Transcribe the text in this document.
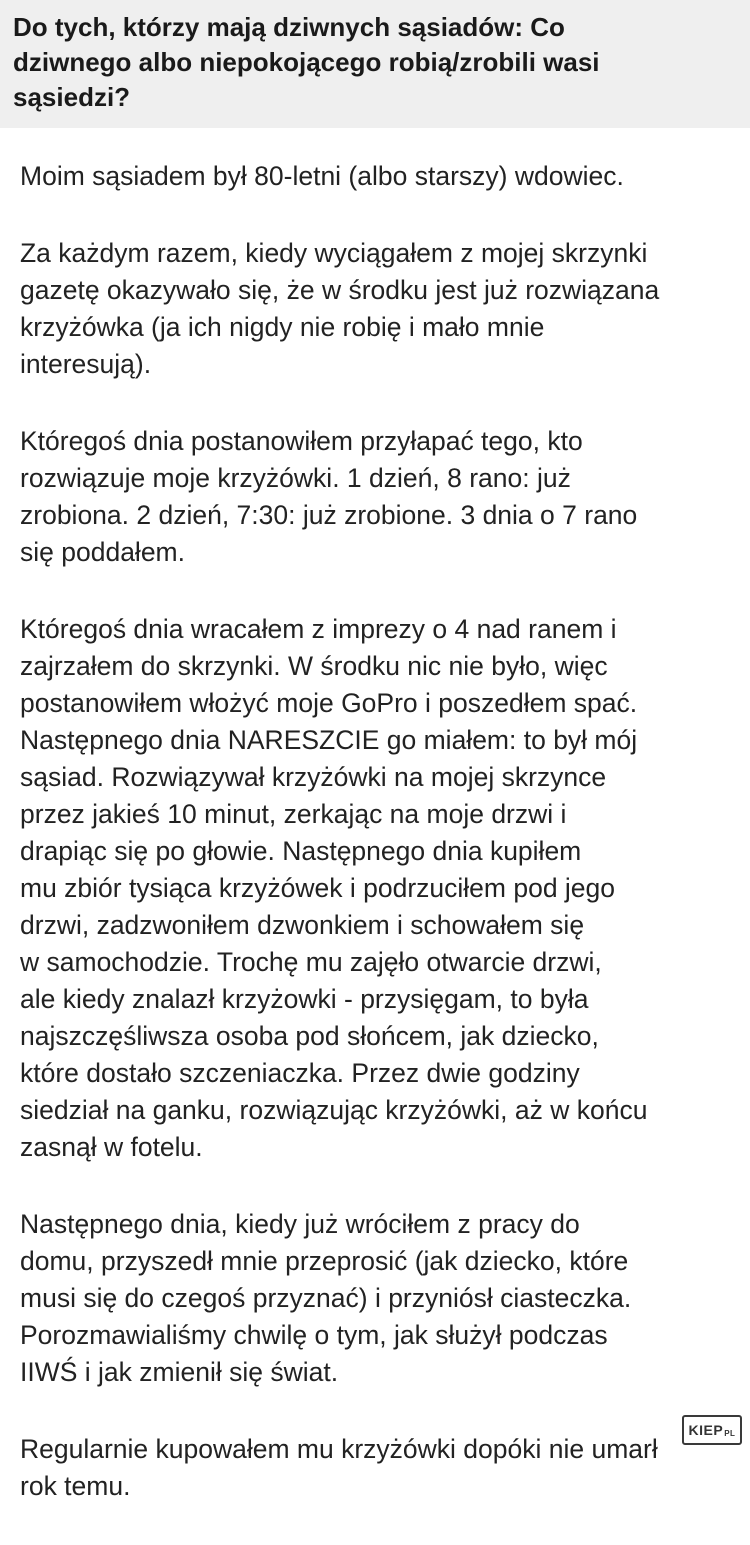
Do tych, którzy mają dziwnych sąsiadów: Co
dziwnego albo niepokojącego robią/zrobili wasi
sąsiedzi?

Moim sąsiadem był 80-letni (albo starszy) wdowiec.

Za każdym razem, kiedy wyciągałem z mojej skrzynki
gazetę okazywało się, że w środku jest już rozwiązana
krzyżówka (ja ich nigdy nie robię i mało mnie
interesują).

Któregoś dnia postanowiłem przyłapać tego, kto
rozwiązuje moje krzyżówki. 1 dzień, 8 rano: już
zrobiona. 2 dzień, 7:30: już zrobione. 3 dnia o 7 rano
się poddałem.

Któregoś dnia wracałem z imprezy o 4 nad ranem i
zajrzałem do skrzynki. W środku nic nie było, więc
postanowiłem włożyć moje GoPro i poszedłem spać.
Następnego dnia NARESZCIE go miałem: to był mój
sąsiad. Rozwiązywał krzyżówki na mojej skrzynce
przez jakieś 10 minut, zerkając na moje drzwi i
drapiąc się po głowie. Następnego dnia kupiłem
mu zbiór tysiąca krzyżówek i podrzuciłem pod jego
drzwi, zadzwoniłem dzwonkiem i schowałem się
w samochodzie. Trochę mu zajęło otwarcie drzwi,
ale kiedy znalazł krzyżowki - przysięgam, to była
najszczęśliwsza osoba pod słońcem, jak dziecko,
które dostało szczeniaczka. Przez dwie godziny
siedział na ganku, rozwiązując krzyżówki, aż w końcu
zasnął w fotelu.

Następnego dnia, kiedy już wróciłem z pracy do
domu, przyszedł mnie przeprosić (jak dziecko, które
musi się do czegoś przyznać) i przyniósł ciasteczka.
Porozmawialiśmy chwilę o tym, jak służył podczas
IIWŚ i jak zmienił się świat.

Regularnie kupowałem mu krzyżówki dopóki nie umarł
rok temu.

KIEP PL
